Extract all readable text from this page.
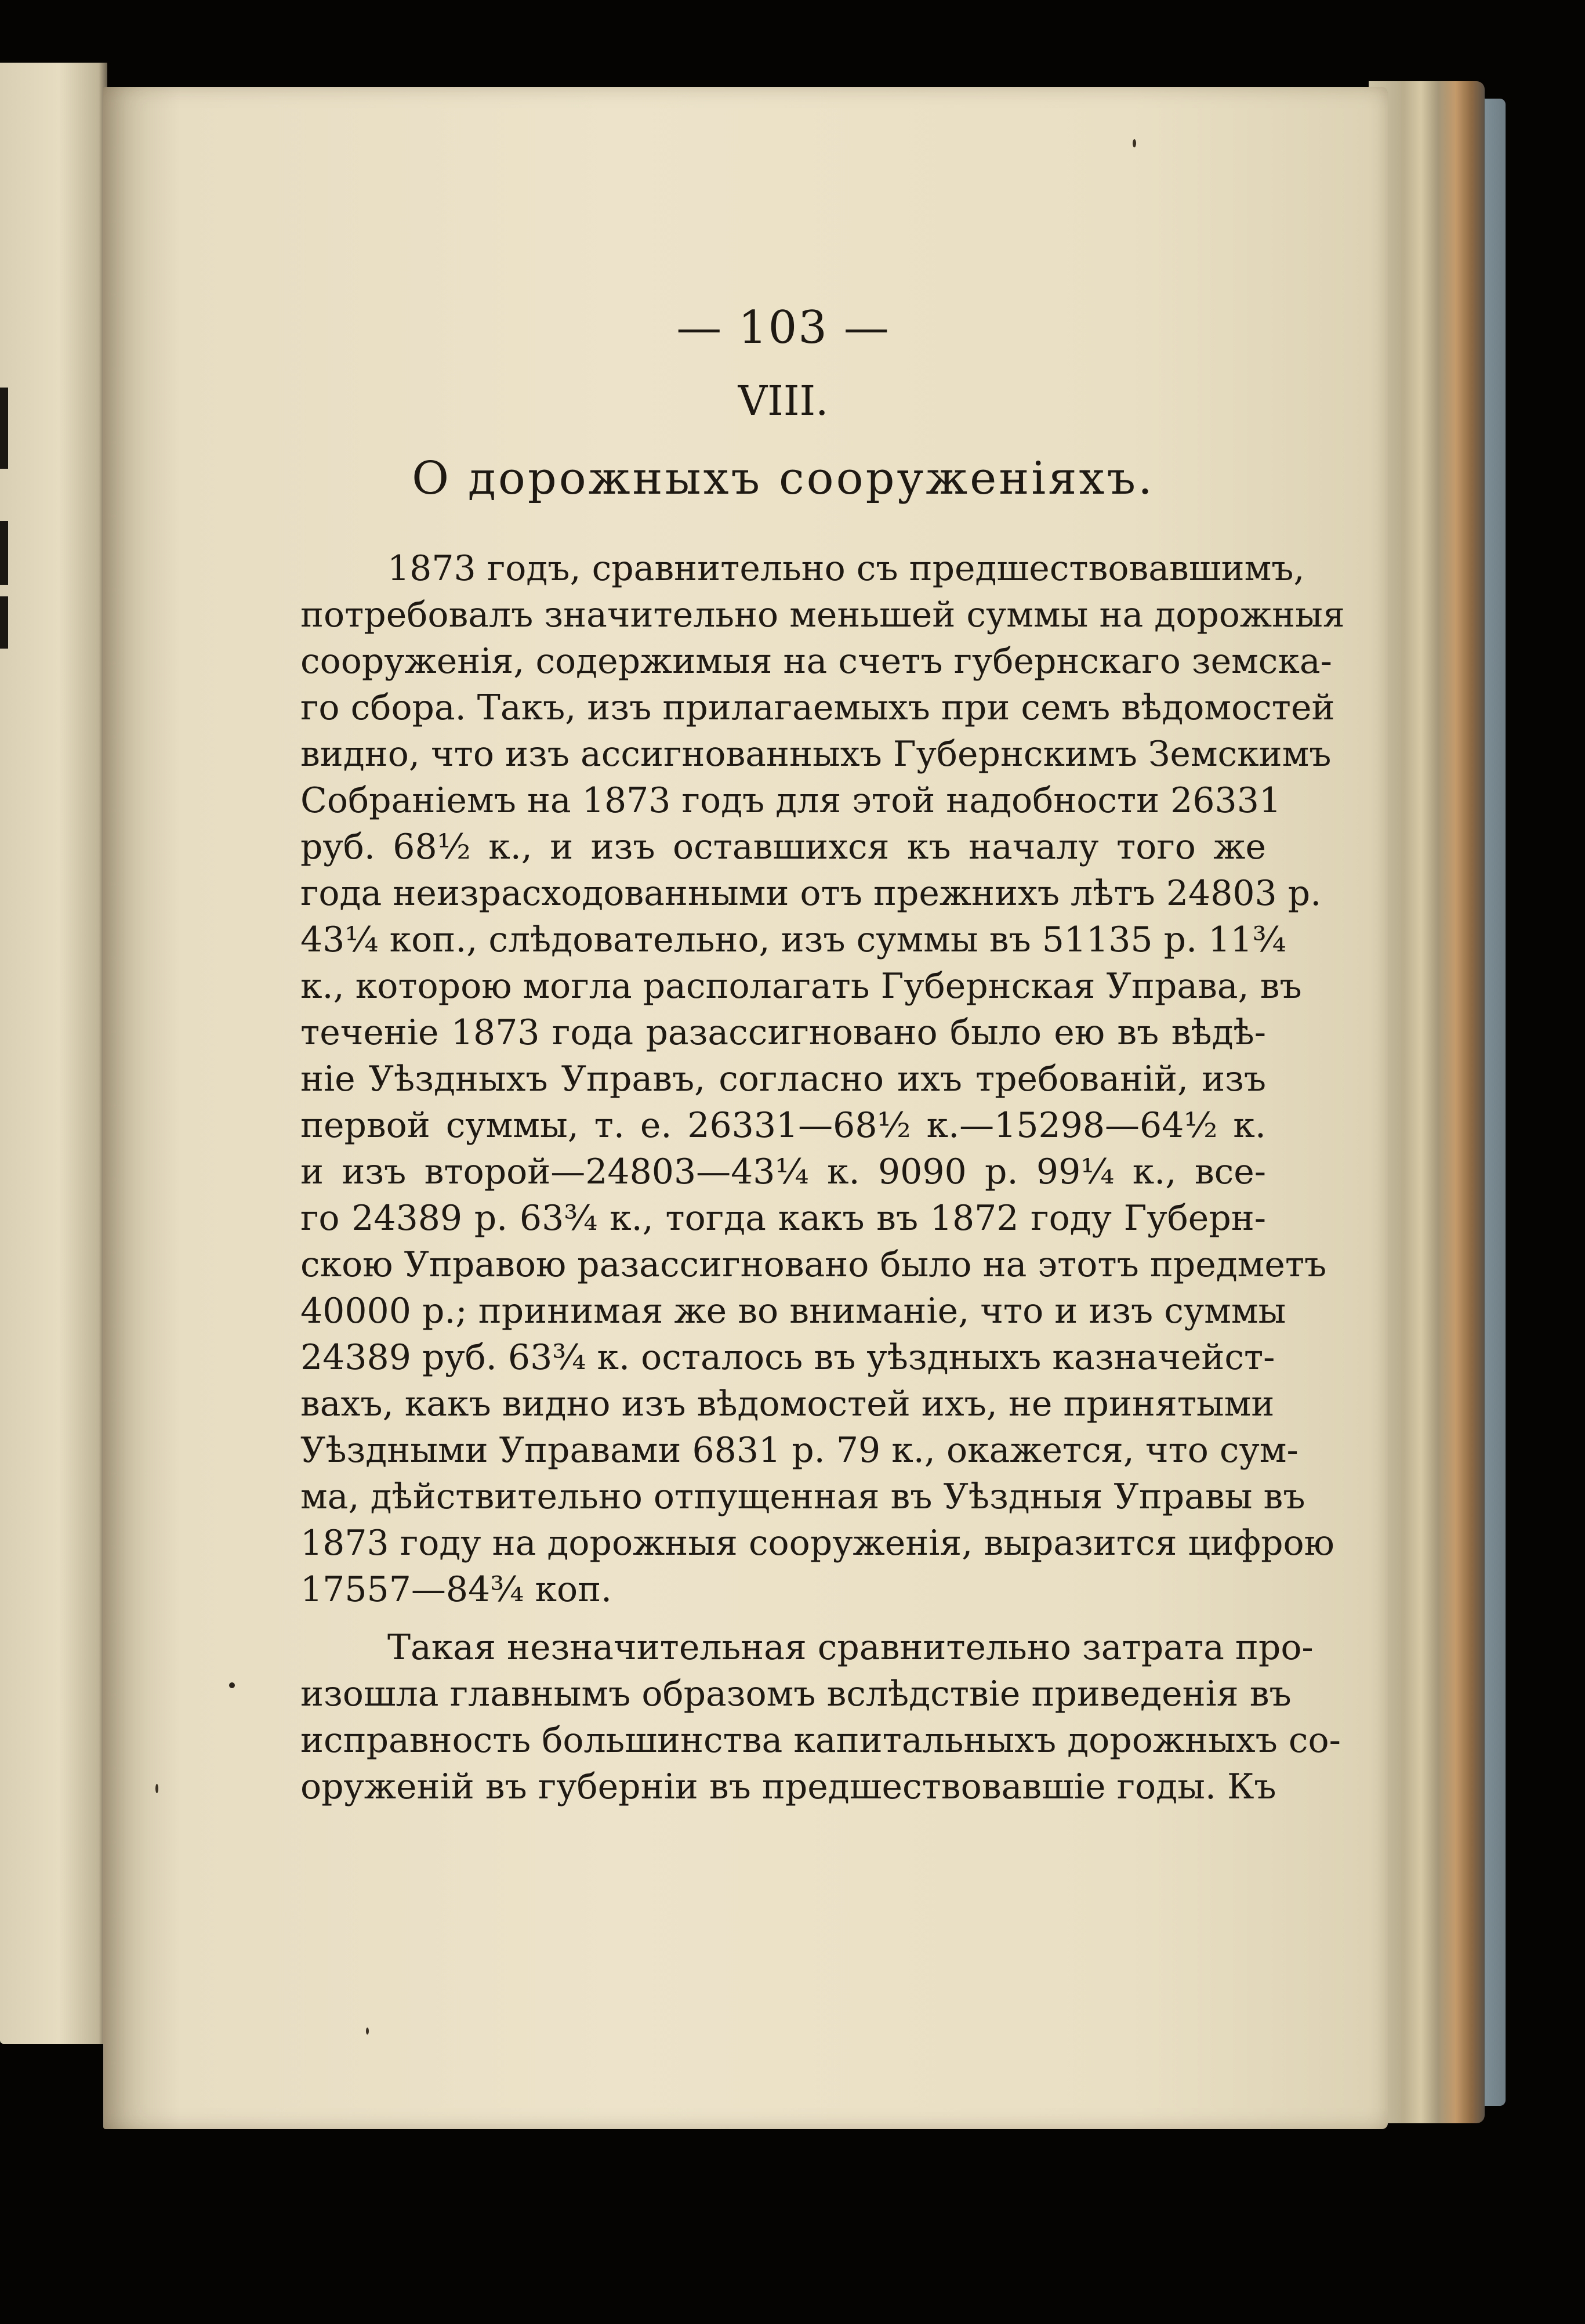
— 103 —
VIII.
О дорожныхъ сооруженіяхъ.
1873 годъ, сравнительно съ предшествовавшимъ,
потребовалъ значительно меньшей суммы на дорожныя
сооруженія, содержимыя на счетъ губернскаго земска-
го сбора. Такъ, изъ прилагаемыхъ при семъ вѣдомостей
видно, что изъ ассигнованныхъ Губернскимъ Земскимъ
Собраніемъ на 1873 годъ для этой надобности 26331
руб. 68½ к., и изъ оставшихся къ началу того же
года неизрасходованными отъ прежнихъ лѣтъ 24803 р.
43¼ коп., слѣдовательно, изъ суммы въ 51135 р. 11¾
к., которою могла располагать Губернская Управа, въ
теченіе 1873 года разассигновано было ею въ вѣдѣ-
ніе Уѣздныхъ Управъ, согласно ихъ требованій, изъ
первой суммы, т. е. 26331—68½ к.—15298—64½ к.
и изъ второй—24803—43¼ к. 9090 р. 99¼ к., все-
го 24389 р. 63¾ к., тогда какъ въ 1872 году Губерн-
скою Управою разассигновано было на этотъ предметъ
40000 р.; принимая же во вниманіе, что и изъ суммы
24389 руб. 63¾ к. осталось въ уѣздныхъ казначейст-
вахъ, какъ видно изъ вѣдомостей ихъ, не принятыми
Уѣздными Управами 6831 р. 79 к., окажется, что сум-
ма, дѣйствительно отпущенная въ Уѣздныя Управы въ
1873 году на дорожныя сооруженія, выразится цифрою
17557—84¾ коп.
Такая незначительная сравнительно затрата про-
изошла главнымъ образомъ вслѣдствіе приведенія въ
исправность большинства капитальныхъ дорожныхъ со-
оруженій въ губерніи въ предшествовавшіе годы. Къ
